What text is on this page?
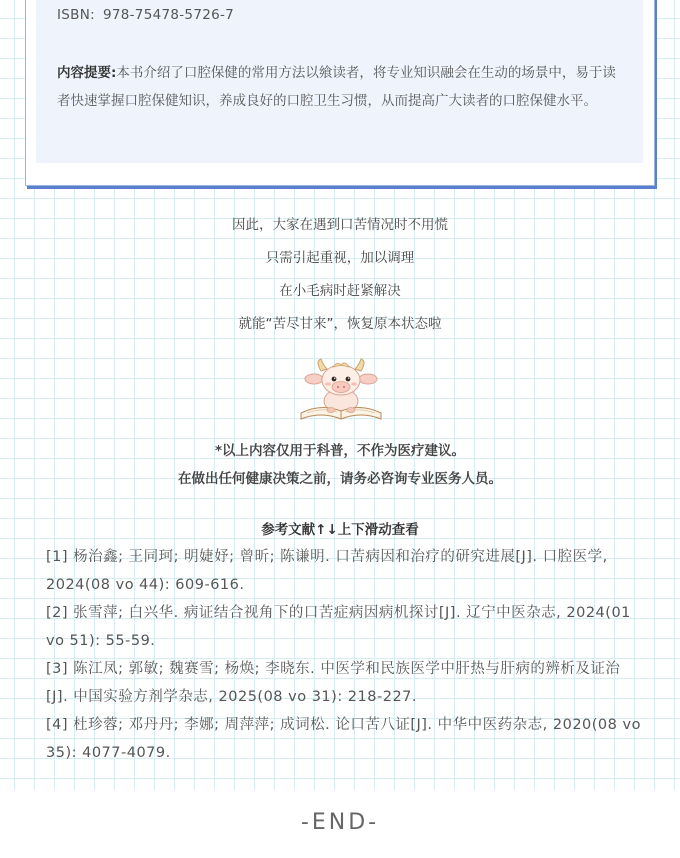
ISBN: 978-75478-5726-7
内容提要:本书介绍了口腔保健的常用方法以飨读者，将专业知识融会在生动的场景中，易于读者快速掌握口腔保健知识，养成良好的口腔卫生习惯，从而提高广大读者的口腔保健水平。
因此，大家在遇到口苦情况时不用慌
只需引起重视，加以调理
在小毛病时赶紧解决
就能“苦尽甘来”，恢复原本状态啦
*以上内容仅用于科普，不作为医疗建议。
在做出任何健康决策之前，请务必咨询专业医务人员。
参考文献↑↓上下滑动查看

[1] 杨治鑫; 王同珂; 明婕妤; 曾昕; 陈谦明. 口苦病因和治疗的研究进展[J]. 口腔医学, 2024(08 vo 44): 609-616.

[2] 张雪萍; 白兴华. 病证结合视角下的口苦症病因病机探讨[J]. 辽宁中医杂志, 2024(01 vo 51): 55-59.

[3] 陈江凤; 郭敏; 魏赛雪; 杨焕; 李晓东. 中医学和民族医学中肝热与肝病的辨析及证治[J]. 中国实验方剂学杂志, 2025(08 vo 31): 218-227.

[4] 杜珍蓉; 邓丹丹; 李娜; 周萍萍; 成词松. 论口苦八证[J]. 中华中医药杂志, 2020(08 vo 35): 4077-4079.

-END-
